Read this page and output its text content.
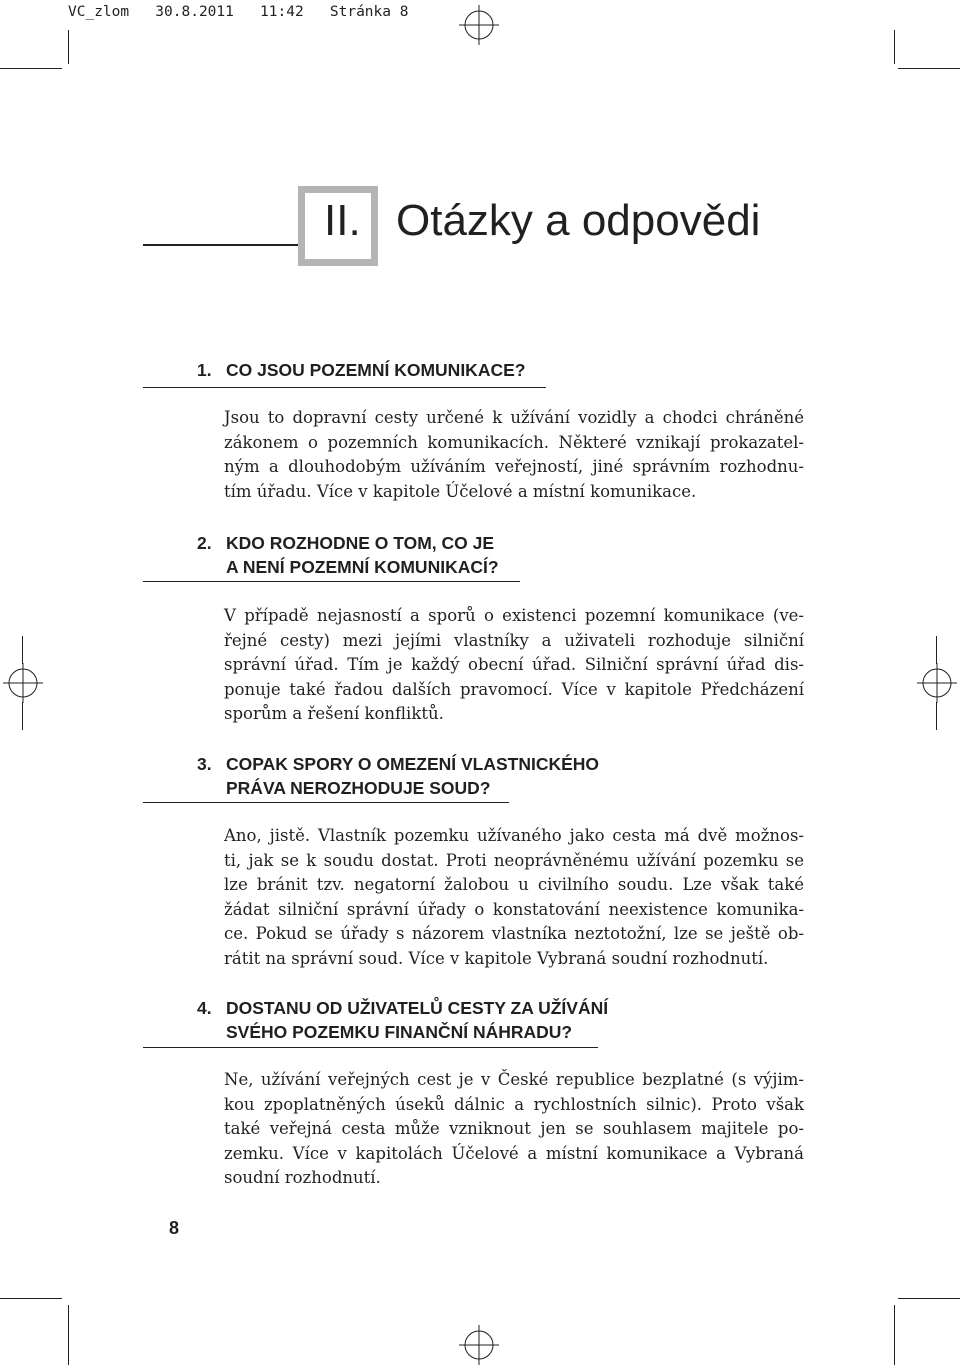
VC_zlom   30.8.2011   11:42   Stránka 8
II. Otázky a odpovědi
1. CO JSOU POZEMNÍ KOMUNIKACE?
Jsou to dopravní cesty určené k užívání vozidly a chodci chráněné
zákonem o pozemních komunikacích. Některé vznikají prokazatel-
ným a dlouhodobým užíváním veřejností, jiné správním rozhodnu-
tím úřadu. Více v kapitole Účelové a místní komunikace.
2. KDO ROZHODNE O TOM, CO JE
A NENÍ POZEMNÍ KOMUNIKACÍ?
V případě nejasností a sporů o existenci pozemní komunikace (ve-
řejné cesty) mezi jejími vlastníky a uživateli rozhoduje silniční
správní úřad. Tím je každý obecní úřad. Silniční správní úřad dis-
ponuje také řadou dalších pravomocí. Více v kapitole Předcházení
sporům a řešení konfliktů.
3. COPAK SPORY O OMEZENÍ VLASTNICKÉHO
PRÁVA NEROZHODUJE SOUD?
Ano, jistě. Vlastník pozemku užívaného jako cesta má dvě možnos-
ti, jak se k soudu dostat. Proti neoprávněnému užívání pozemku se
lze bránit tzv. negatorní žalobou u civilního soudu. Lze však také
žádat silniční správní úřady o konstatování neexistence komunika-
ce. Pokud se úřady s názorem vlastníka neztotožní, lze se ještě ob-
rátit na správní soud. Více v kapitole Vybraná soudní rozhodnutí.
4. DOSTANU OD UŽIVATELŮ CESTY ZA UŽÍVÁNÍ
SVÉHO POZEMKU FINANČNÍ NÁHRADU?
Ne, užívání veřejných cest je v České republice bezplatné (s výjim-
kou zpoplatněných úseků dálnic a rychlostních silnic). Proto však
také veřejná cesta může vzniknout jen se souhlasem majitele po-
zemku. Více v kapitolách Účelové a místní komunikace a Vybraná
soudní rozhodnutí.
8
